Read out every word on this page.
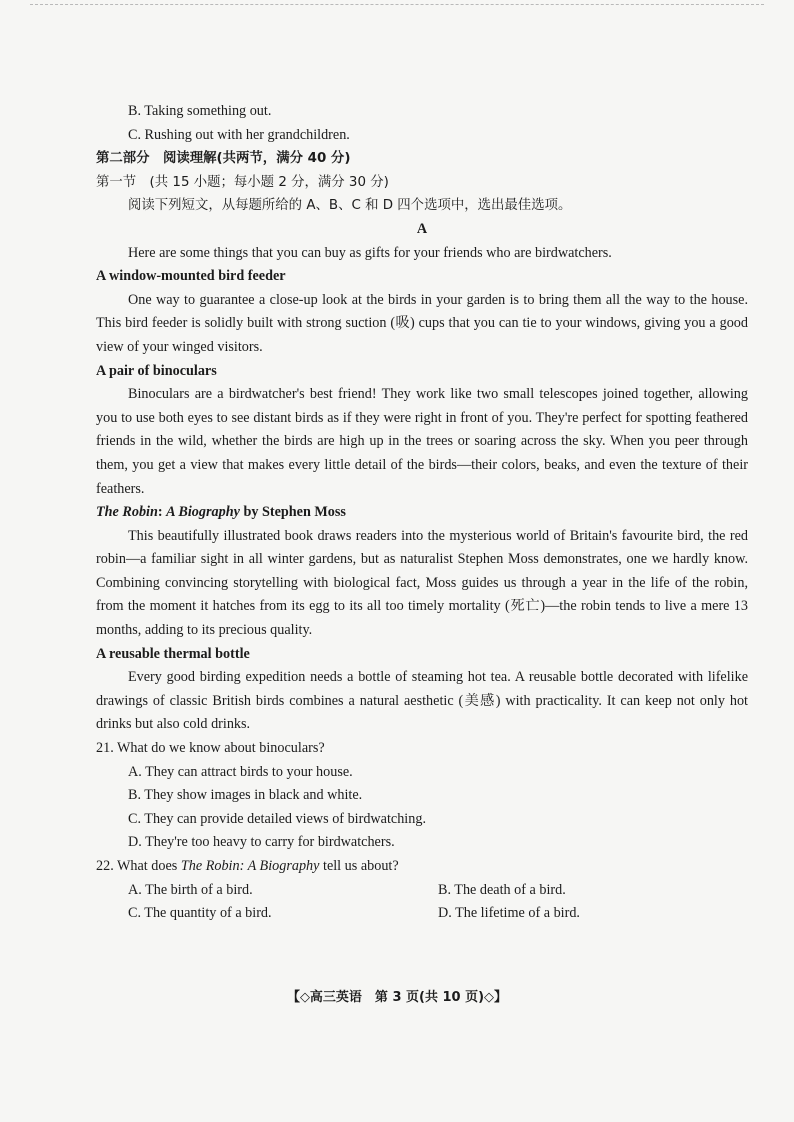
B. Taking something out.
C. Rushing out with her grandchildren.
第二部分　阅读理解(共两节，满分 40 分)
第一节　(共 15 小题；每小题 2 分，满分 30 分)
阅读下列短文，从每题所给的 A、B、C 和 D 四个选项中，选出最佳选项。
A
Here are some things that you can buy as gifts for your friends who are birdwatchers.
A window-mounted bird feeder
One way to guarantee a close-up look at the birds in your garden is to bring them all the way to the house. This bird feeder is solidly built with strong suction (吸) cups that you can tie to your windows, giving you a good view of your winged visitors.
A pair of binoculars
Binoculars are a birdwatcher's best friend! They work like two small telescopes joined together, allowing you to use both eyes to see distant birds as if they were right in front of you. They're perfect for spotting feathered friends in the wild, whether the birds are high up in the trees or soaring across the sky. When you peer through them, you get a view that makes every little detail of the birds—their colors, beaks, and even the texture of their feathers.
The Robin: A Biography by Stephen Moss
This beautifully illustrated book draws readers into the mysterious world of Britain's favourite bird, the red robin—a familiar sight in all winter gardens, but as naturalist Stephen Moss demonstrates, one we hardly know. Combining convincing storytelling with biological fact, Moss guides us through a year in the life of the robin, from the moment it hatches from its egg to its all too timely mortality (死亡)—the robin tends to live a mere 13 months, adding to its precious quality.
A reusable thermal bottle
Every good birding expedition needs a bottle of steaming hot tea. A reusable bottle decorated with lifelike drawings of classic British birds combines a natural aesthetic (美感) with practicality. It can keep not only hot drinks but also cold drinks.
21. What do we know about binoculars?
A. They can attract birds to your house.
B. They show images in black and white.
C. They can provide detailed views of birdwatching.
D. They're too heavy to carry for birdwatchers.
22. What does The Robin: A Biography tell us about?
A. The birth of a bird.	B. The death of a bird.
C. The quantity of a bird.	D. The lifetime of a bird.
【◇高三英语　第 3 页(共 10 页)◇】
